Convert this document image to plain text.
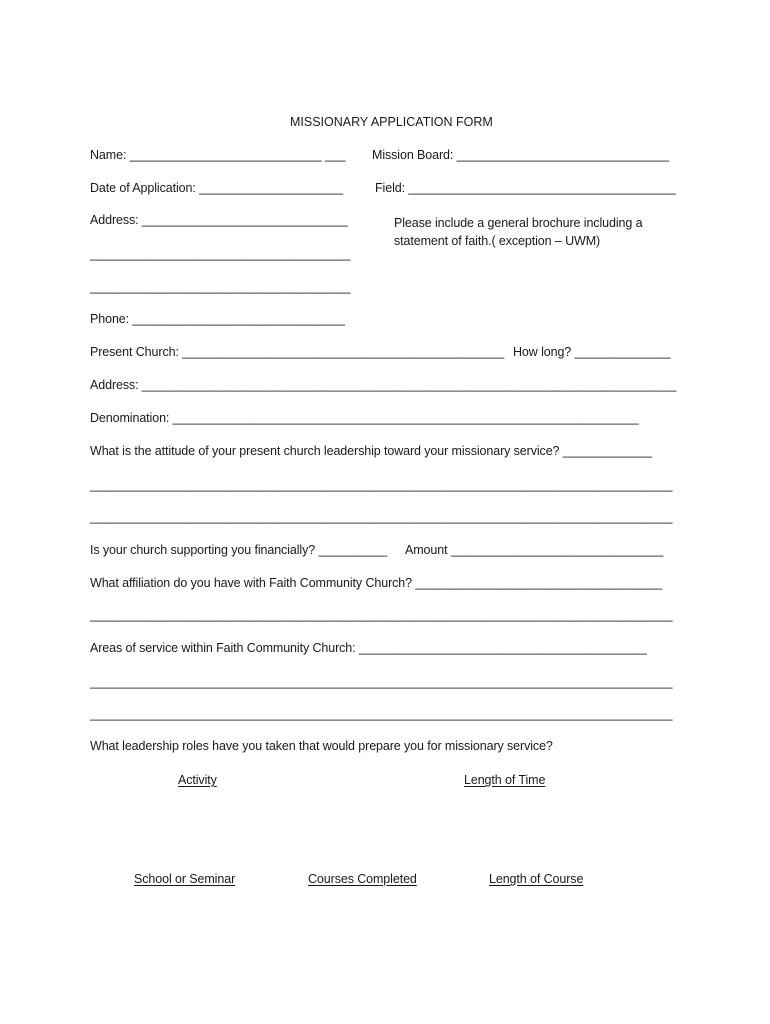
MISSIONARY APPLICATION FORM
Name: ____________________________ ___ Mission Board: _______________________________
Date of Application: _____________________	Field: _______________________________________
Address: ______________________________	Please include a general brochure including a statement of faith.( exception – UWM)
______________________________________
______________________________________
Phone: _______________________________
Present Church: _______________________________________________ How long? ______________
Address: ______________________________________________________________________________
Denomination: ____________________________________________________________________
What is the attitude of your present church leadership toward your missionary service? _____________
_____________________________________________________________________________________
_____________________________________________________________________________________
Is your church supporting you financially? __________ Amount _______________________________
What affiliation do you have with Faith Community Church? ____________________________________
_____________________________________________________________________________________
Areas of service within Faith Community Church: __________________________________________
_____________________________________________________________________________________
_____________________________________________________________________________________
What leadership roles have you taken that would prepare you for missionary service?
Activity	Length of Time
School or Seminar	Courses Completed	Length of Course
